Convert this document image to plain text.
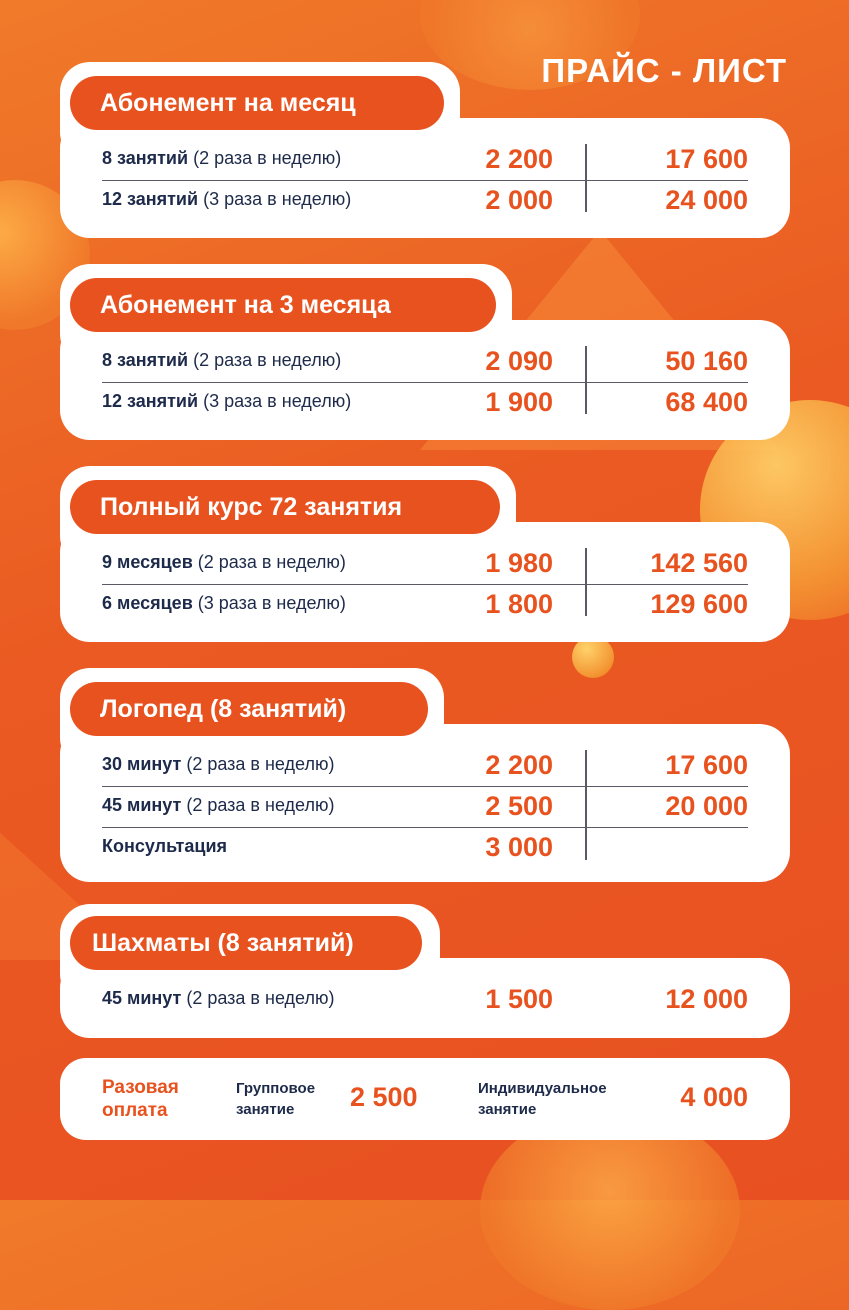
ПРАЙС - ЛИСТ
8 занятий (2 раза в неделю)	2 200	17 600
12 занятий (3 раза в неделю)	2 000	24 000
Абонемент на месяц
8 занятий (2 раза в неделю)	2 090	50 160
12 занятий (3 раза в неделю)	1 900	68 400
Абонемент на 3 месяца
9 месяцев (2 раза в неделю)	1 980	142 560
6 месяцев (3 раза в неделю)	1 800	129 600
Полный курс 72 занятия
30 минут (2 раза в неделю)	2 200	17 600
45 минут (2 раза в неделю)	2 500	20 000
Консультация	3 000
Логопед (8 занятий)
45 минут (2 раза в неделю)	1 500	12 000
Шахматы (8 занятий)
Разовая
оплата
Групповое
занятие	2 500	Индивидуальное
занятие	4 000
